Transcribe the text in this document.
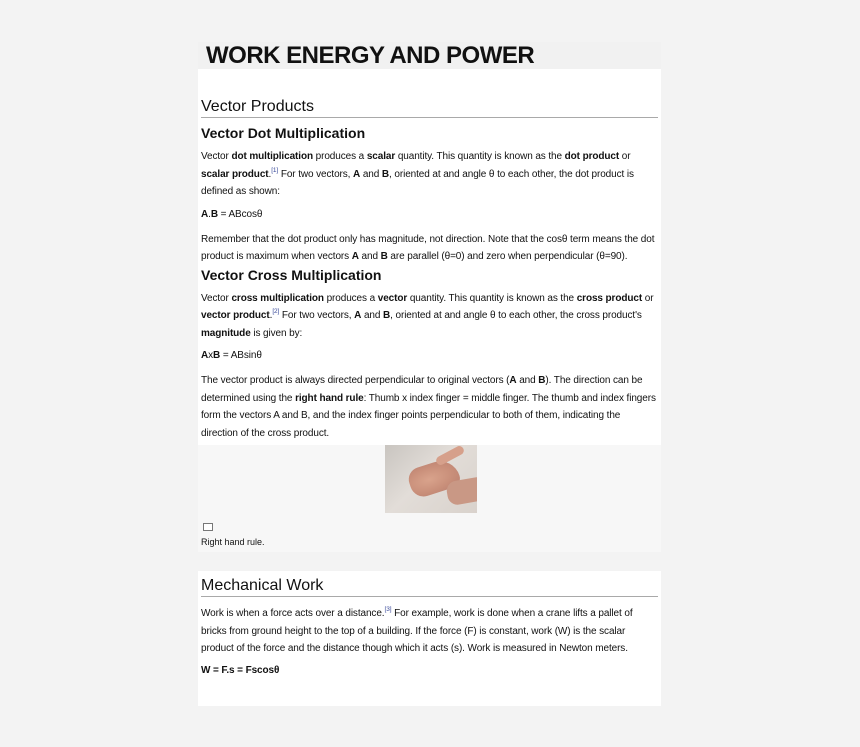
WORK ENERGY AND POWER
Vector Products
Vector Dot Multiplication

Vector dot multiplication produces a scalar quantity. This quantity is known as the dot product or scalar product.[1] For two vectors, A and B, oriented at and angle θ to each other, the dot product is defined as shown:

A.B = ABcosθ

Remember that the dot product only has magnitude, not direction. Note that the cosθ term means the dot product is maximum when vectors A and B are parallel (θ=0) and zero when perpendicular (θ=90).

Vector Cross Multiplication

Vector cross multiplication produces a vector quantity. This quantity is known as the cross product or vector product.[2] For two vectors, A and B, oriented at and angle θ to each other, the cross product's magnitude is given by:

AxB = ABsinθ

The vector product is always directed perpendicular to original vectors (A and B). The direction can be determined using the right hand rule: Thumb x index finger = middle finger. The thumb and index fingers form the vectors A and B, and the index finger points perpendicular to both of them, indicating the direction of the cross product.

Right hand rule.
Mechanical Work

Work is when a force acts over a distance.[3] For example, work is done when a crane lifts a pallet of bricks from ground height to the top of a building. If the force (F) is constant, work (W) is the scalar product of the force and the distance though which it acts (s). Work is measured in Newton meters.

W = F.s = Fscosθ
